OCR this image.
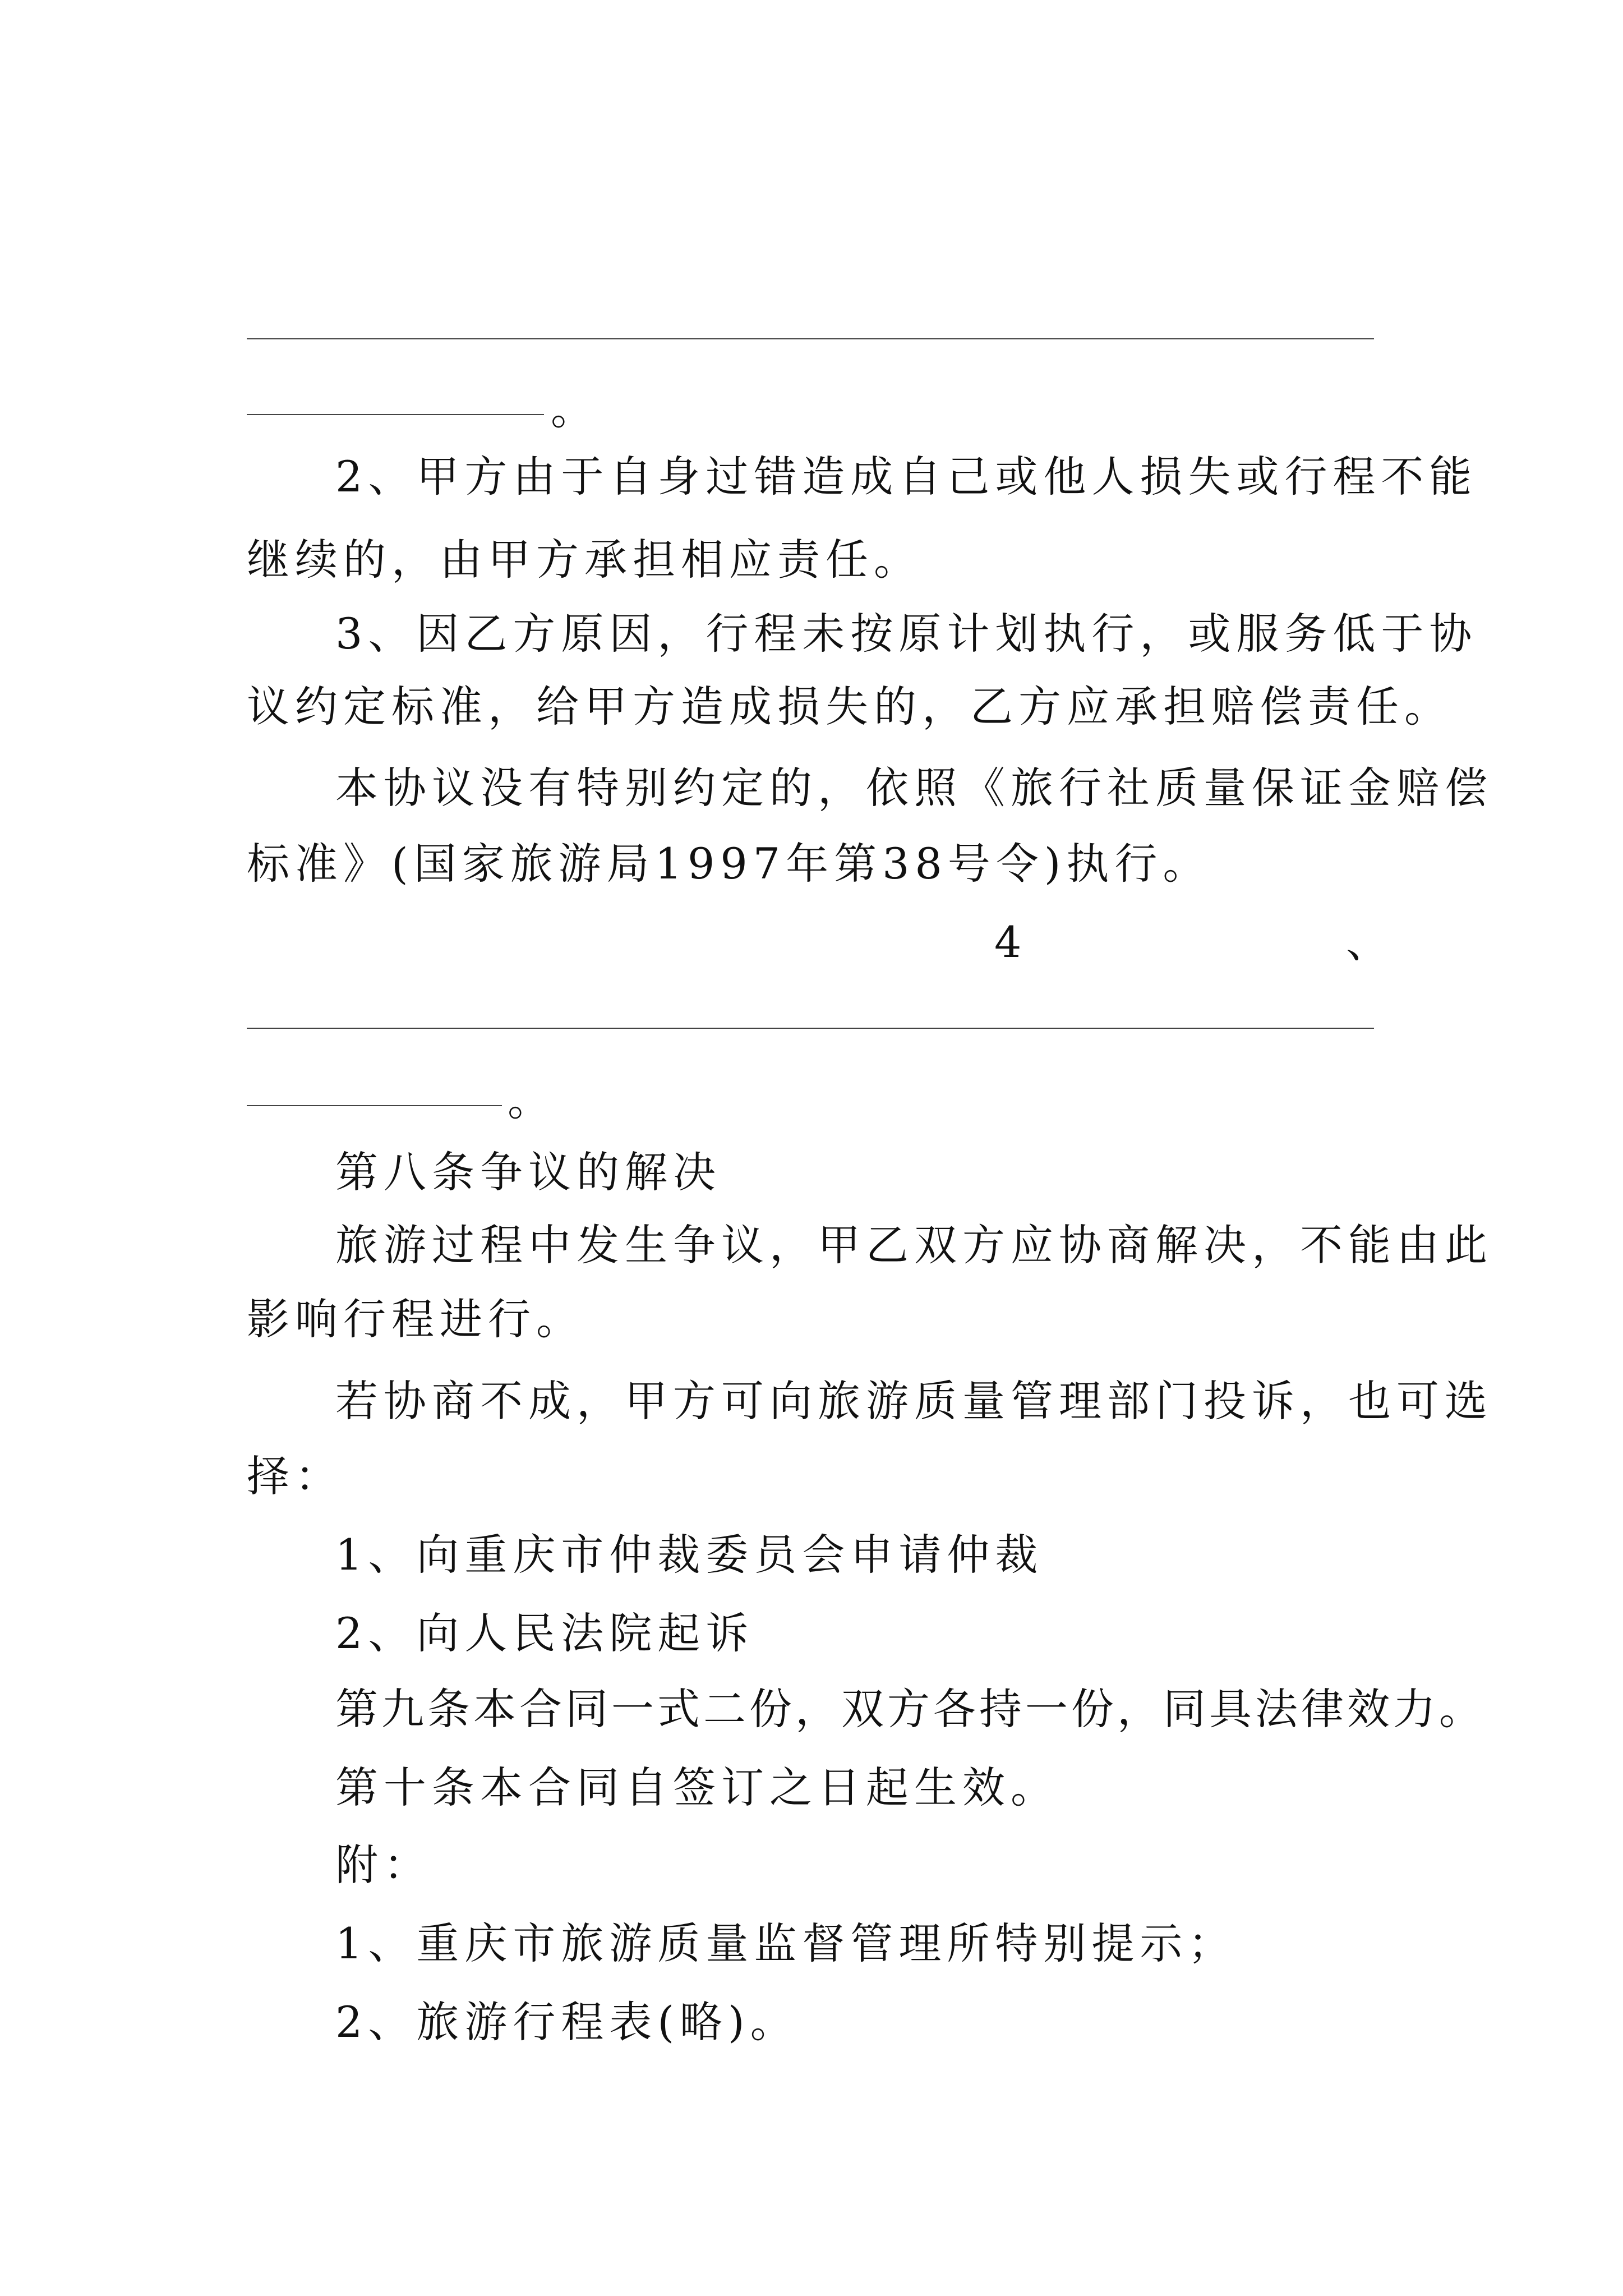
。
2、甲方由于自身过错造成自己或他人损失或行程不能
继续的，由甲方承担相应责任。
3、因乙方原因，行程未按原计划执行，或服务低于协
议约定标准，给甲方造成损失的，乙方应承担赔偿责任。
本协议没有特别约定的，依照《旅行社质量保证金赔偿
标准》(国家旅游局1997年第38号令)执行。
4	、
。
第八条争议的解决
旅游过程中发生争议，甲乙双方应协商解决，不能由此
影响行程进行。
若协商不成，甲方可向旅游质量管理部门投诉，也可选
择：
1、向重庆市仲裁委员会申请仲裁
2、向人民法院起诉
第九条本合同一式二份，双方各持一份，同具法律效力。
第十条本合同自签订之日起生效。
附：
1、重庆市旅游质量监督管理所特别提示；
2、旅游行程表(略)。
